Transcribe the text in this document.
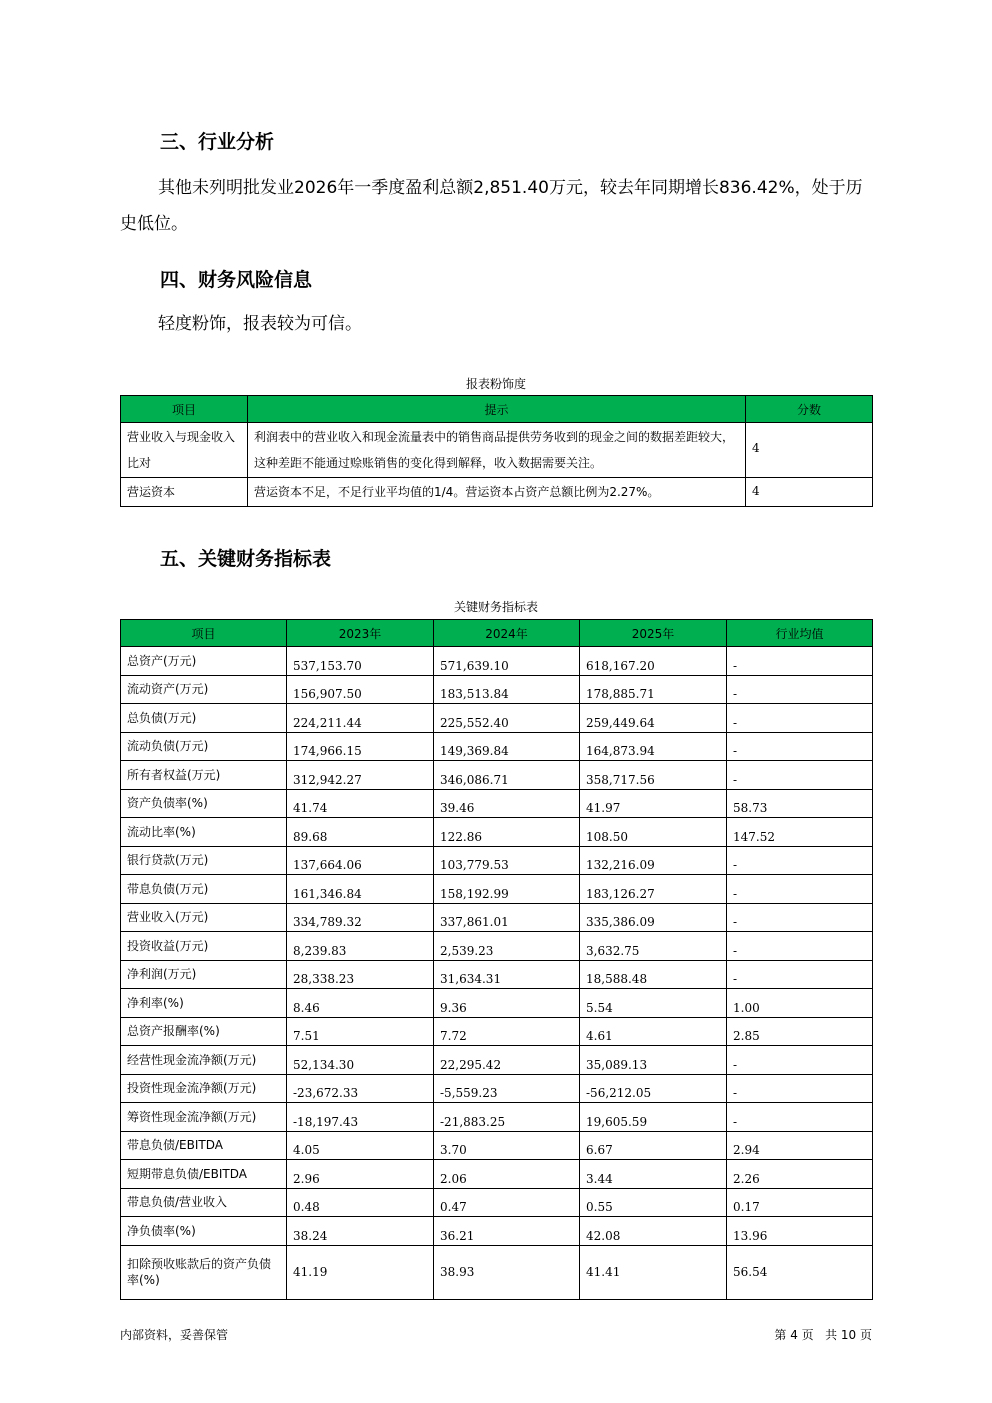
三、行业分析

其他未列明批发业2026年一季度盈利总额2,851.40万元，较去年同期增长836.42%，处于历史低位。

四、财务风险信息

轻度粉饰，报表较为可信。

报表粉饰度
项目	提示	分数
营业收入与现金收入比对	利润表中的营业收入和现金流量表中的销售商品提供劳务收到的现金之间的数据差距较大，这种差距不能通过赊账销售的变化得到解释，收入数据需要关注。	4
营运资本	营运资本不足，不足行业平均值的1/4。营运资本占资产总额比例为2.27%。	4
五、关键财务指标表
关键财务指标表
项目	2023年	2024年	2025年	行业均值
总资产(万元)	537,153.70	571,639.10	618,167.20	-
流动资产(万元)	156,907.50	183,513.84	178,885.71	-
总负债(万元)	224,211.44	225,552.40	259,449.64	-
流动负债(万元)	174,966.15	149,369.84	164,873.94	-
所有者权益(万元)	312,942.27	346,086.71	358,717.56	-
资产负债率(%)	41.74	39.46	41.97	58.73
流动比率(%)	89.68	122.86	108.50	147.52
银行贷款(万元)	137,664.06	103,779.53	132,216.09	-
带息负债(万元)	161,346.84	158,192.99	183,126.27	-
营业收入(万元)	334,789.32	337,861.01	335,386.09	-
投资收益(万元)	8,239.83	2,539.23	3,632.75	-
净利润(万元)	28,338.23	31,634.31	18,588.48	-
净利率(%)	8.46	9.36	5.54	1.00
总资产报酬率(%)	7.51	7.72	4.61	2.85
经营性现金流净额(万元)	52,134.30	22,295.42	35,089.13	-
投资性现金流净额(万元)	-23,672.33	-5,559.23	-56,212.05	-
筹资性现金流净额(万元)	-18,197.43	-21,883.25	19,605.59	-
带息负债/EBITDA	4.05	3.70	6.67	2.94
短期带息负债/EBITDA	2.96	2.06	3.44	2.26
带息负债/营业收入	0.48	0.47	0.55	0.17
净负债率(%)	38.24	36.21	42.08	13.96
扣除预收账款后的资产负债率(%)	41.19	38.93	41.41	56.54
内部资料，妥善保管	第 4 页   共 10 页
